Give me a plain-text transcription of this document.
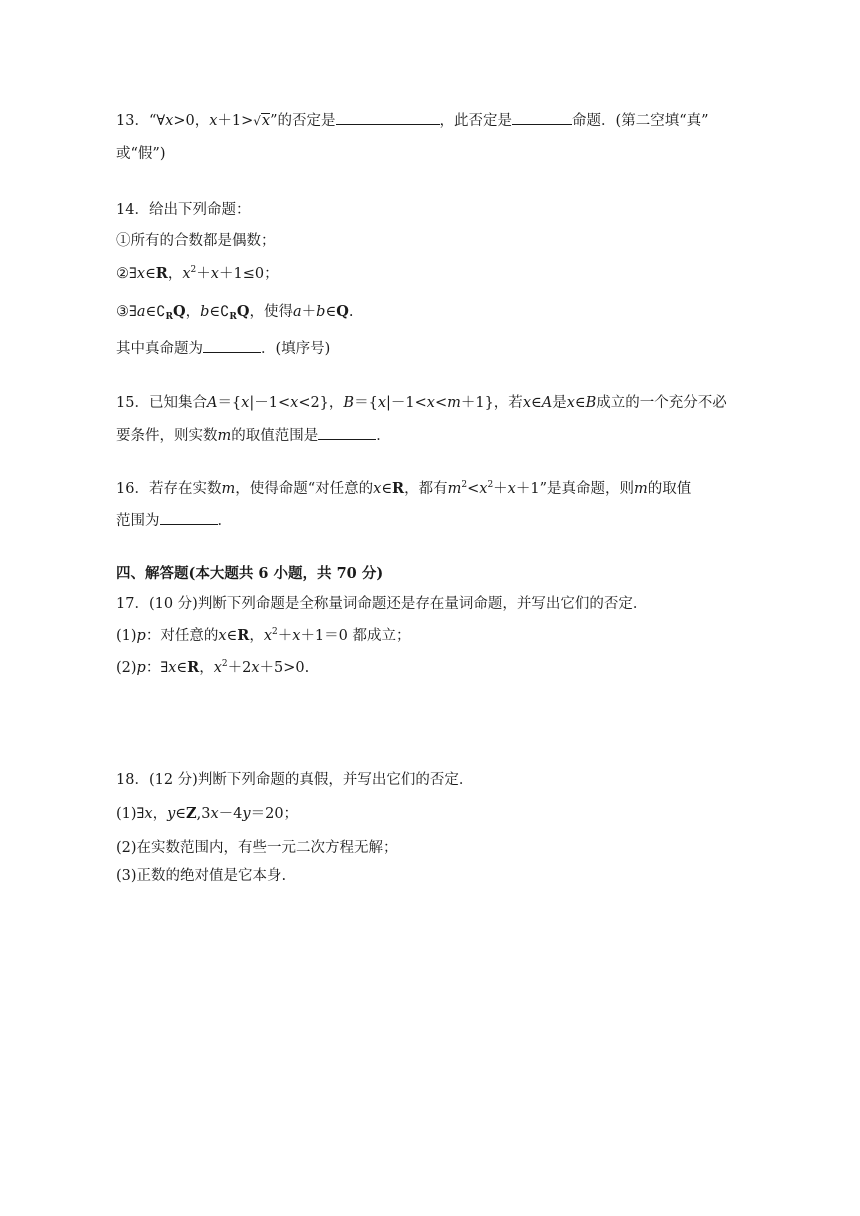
13．“∀x>0，x＋1>√x”的否定是	，此否定是	命题．(第二空填“真”
或“假”)
14．给出下列命题：
①所有的合数都是偶数；
②∃x∈R，$x^2+x+1\le 0$；
$③\exists a\in∁_RQ$，$b\in∁_RQ$，使得a＋b∈Q.
其中真命题为	．(填序号)
15．已知集合A＝{x|－1<x<2}，B＝{x|－1<x<m＋1}，若x∈A是x∈B成立的一个充分不必
要条件，则实数m的取值范围是	．
16．若存在实数m，使得命题“对任意的x∈R，都有$m^2<x^2+x+1$”是真命题，则m的取值
范围为	．
四、解答题(本大题共 6 小题，共 70 分)
17．(10 分)判断下列命题是全称量词命题还是存在量词命题，并写出它们的否定．
(1)p：对任意的x∈R，$x^2+x+1=0$ 都成立；
(2)p：∃x∈R，$x^2+2x+5>0$.
18．(12 分)判断下列命题的真假，并写出它们的否定．
(1)∃x，y∈Z,3x－4y＝20；
(2)在实数范围内，有些一元二次方程无解；
(3)正数的绝对值是它本身.
